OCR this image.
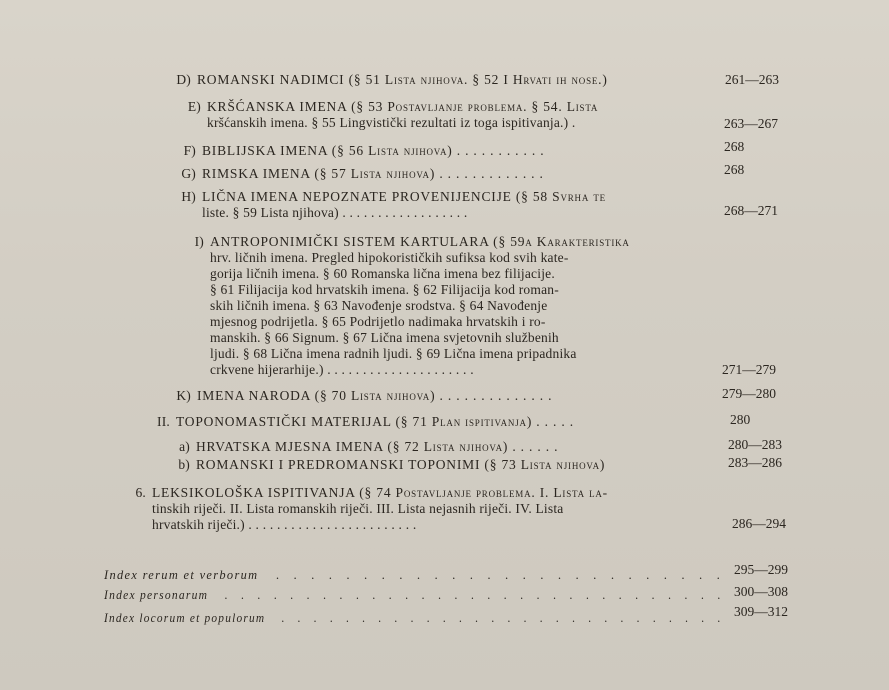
D) ROMANSKI NADIMCI (§ 51 Lista njihova. § 52 I Hrvati ih nose.)	261—263
E) KRŠĆANSKA IMENA (§ 53 Postavljanje problema. § 54. Lista
kršćanskih imena. § 55 Lingvistički rezultati iz toga ispitivanja.) .	263—267
F) BIBLIJSKA IMENA (§ 56 Lista njihova) . . . . . . . . . . .	268
G) RIMSKA IMENA (§ 57 Lista njihova) . . . . . . . . . . . . .	268
H) LIČNA IMENA NEPOZNATE PROVENIJENCIJE (§ 58 Svrha te
liste. § 59 Lista njihova) . . . . . . . . . . . . . . . . . .	268—271
I) ANTROPONIMIČKI SISTEM KARTULARA (§ 59a Karakteristika
hrv. ličnih imena. Pregled hipokorističkih sufiksa kod svih kate-
gorija ličnih imena. § 60 Romanska lična imena bez filijacije.
§ 61 Filijacija kod hrvatskih imena. § 62 Filijacija kod roman-
skih ličnih imena. § 63 Navođenje srodstva. § 64 Navođenje
mjesnog podrijetla. § 65 Podrijetlo nadimaka hrvatskih i ro-
manskih. § 66 Signum. § 67 Lična imena svjetovnih službenih
ljudi. § 68 Lična imena radnih ljudi. § 69 Lična imena pripadnika
crkvene hijerarhije.) . . . . . . . . . . . . . . . . . . . . .	271—279
K) IMENA NARODA (§ 70 Lista njihova) . . . . . . . . . . . . . .	279—280
II. TOPONOMASTIČKI MATERIJAL (§ 71 Plan ispitivanja) . . . . .	280
a) HRVATSKA MJESNA IMENA (§ 72 Lista njihova) . . . . . .	280—283
b) ROMANSKI I PREDROMANSKI TOPONIMI (§ 73 Lista njihova)	283—286
6. LEKSIKOLOŠKA ISPITIVANJA (§ 74 Postavljanje problema. I. Lista la-
tinskih riječi. II. Lista romanskih riječi. III. Lista nejasnih riječi. IV. Lista
hrvatskih riječi.) . . . . . . . . . . . . . . . . . . . . . . . .	286—294
Index rerum et verborum . . . . . . . . . . . . . . . . . . . . . . . . . . 295—299
Index personarum . . . . . . . . . . . . . . . . . . . . . . . . . . . . . . . 300—308
Index locorum et populorum . . . . . . . . . . . . . . . . . . . . . . . . . . . . 309—312
